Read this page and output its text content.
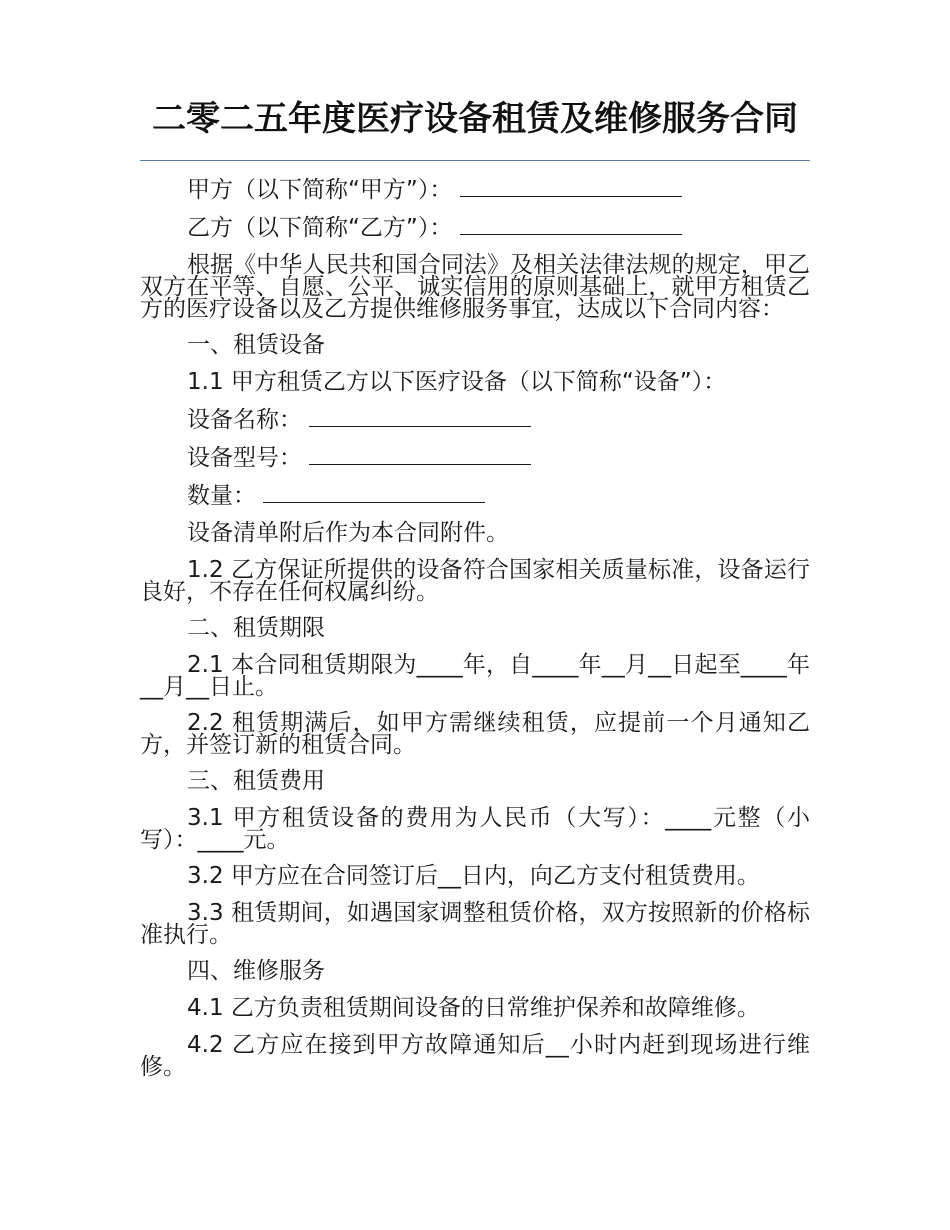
二零二五年度医疗设备租赁及维修服务合同

甲方（以下简称“甲方”）：

乙方（以下简称“乙方”）：

根据《中华人民共和国合同法》及相关法律法规的规定，甲乙双方在平等、自愿、公平、诚实信用的原则基础上，就甲方租赁乙方的医疗设备以及乙方提供维修服务事宜，达成以下合同内容：

一、租赁设备

1.1 甲方租赁乙方以下医疗设备（以下简称“设备”）：

设备名称：

设备型号：

数量：

设备清单附后作为本合同附件。

1.2 乙方保证所提供的设备符合国家相关质量标准，设备运行良好，不存在任何权属纠纷。

二、租赁期限

2.1 本合同租赁期限为____年，自____年__月__日起至____年__月__日止。

2.2 租赁期满后，如甲方需继续租赁，应提前一个月通知乙方，并签订新的租赁合同。

三、租赁费用

3.1 甲方租赁设备的费用为人民币（大写）：____元整（小写）：____元。

3.2 甲方应在合同签订后__日内，向乙方支付租赁费用。

3.3 租赁期间，如遇国家调整租赁价格，双方按照新的价格标准执行。

四、维修服务

4.1 乙方负责租赁期间设备的日常维护保养和故障维修。

4.2 乙方应在接到甲方故障通知后__小时内赶到现场进行维修。
